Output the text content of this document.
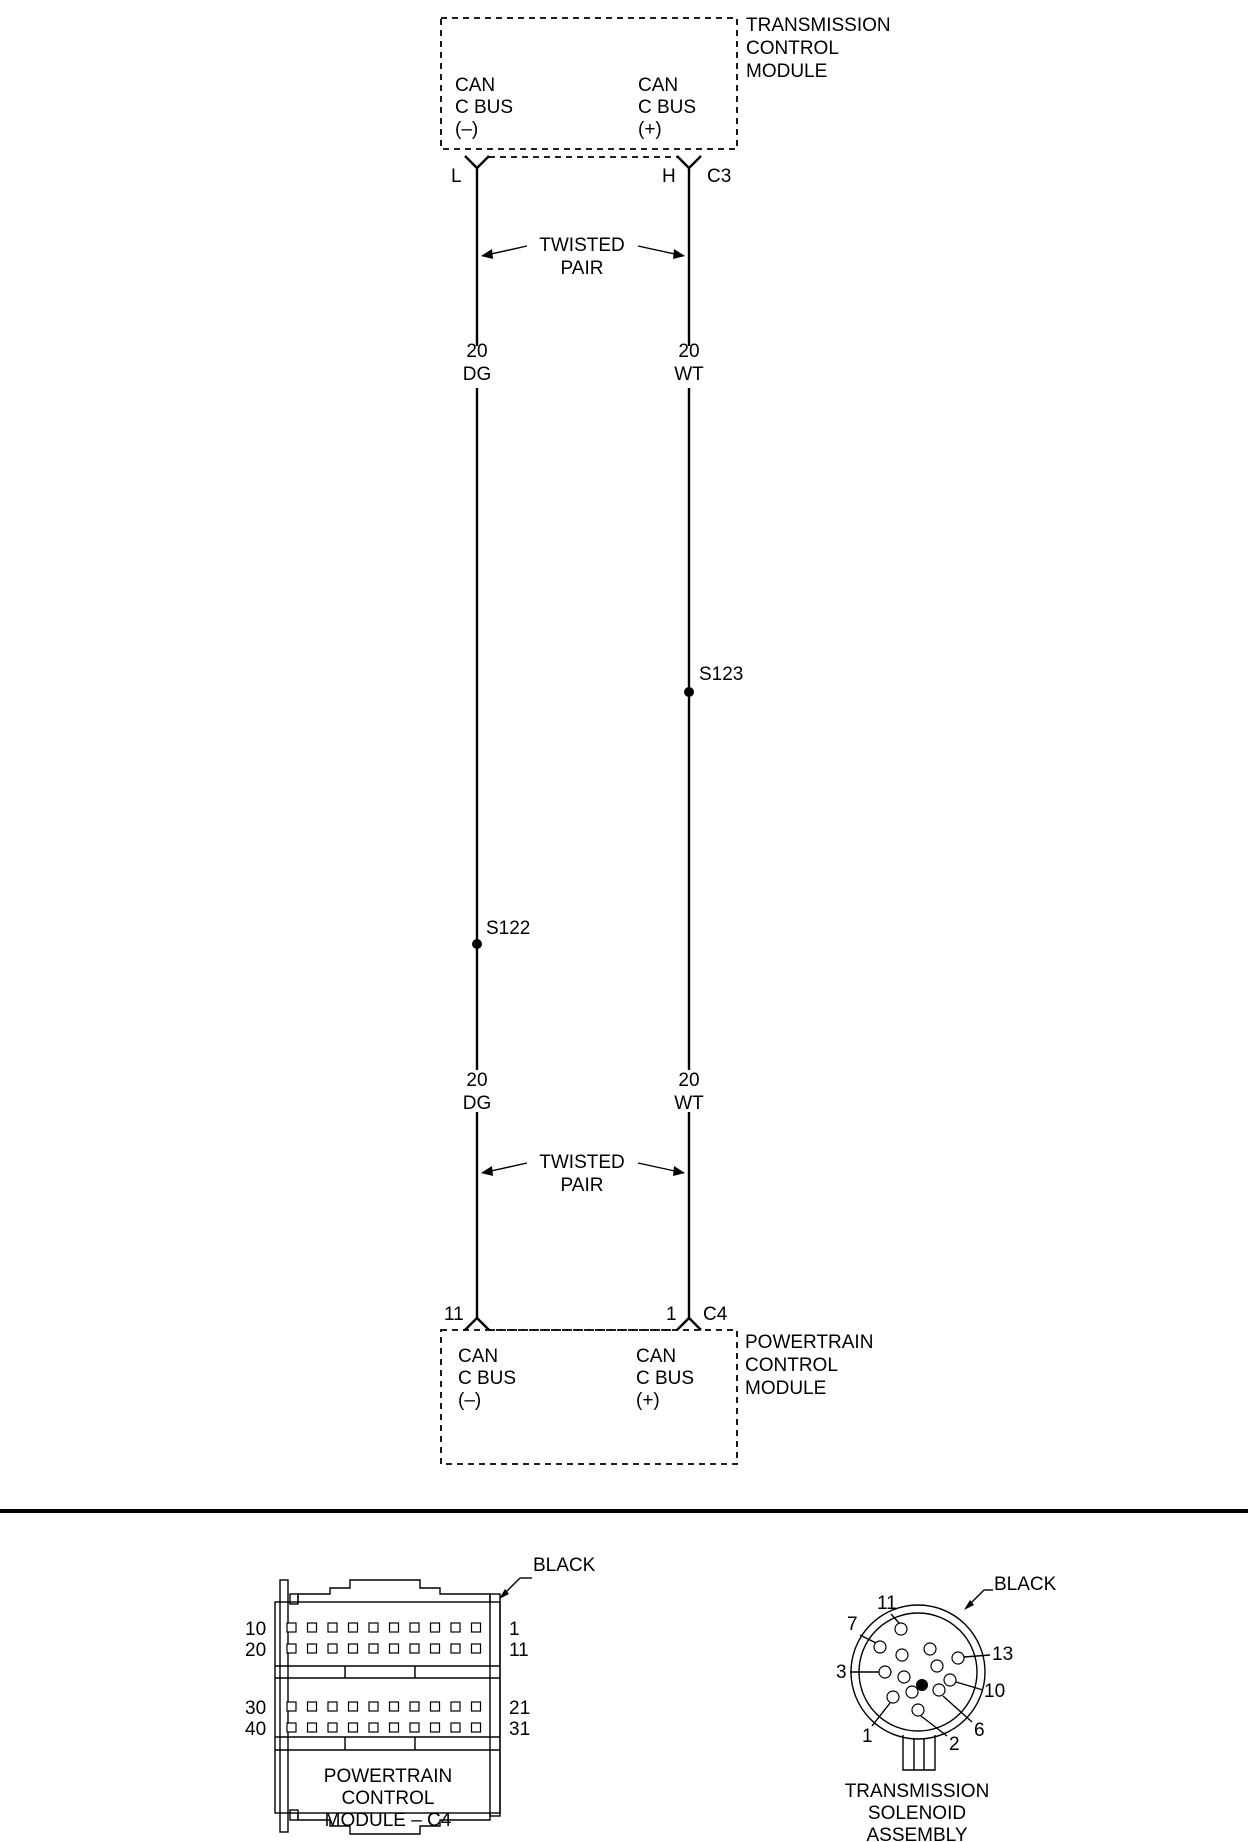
TRANSMISSION
CONTROL
MODULE
CAN
C BUS
(–)
CAN
C BUS
(+)
L	H C3
20
DG
20
WT
20
DG
20
WT
S123
S122
TWISTED
PAIR
TWISTED
PAIR
11	1 C4
POWERTRAIN
CONTROL
MODULE
CAN
C BUS
(–)
CAN
C BUS
(+)
10
20
30
40
1
11
21
31
BLACK
POWERTRAIN
CONTROL
MODULE – C4
11
7
3
1	2
6
10
13
BLACK
TRANSMISSION
SOLENOID
ASSEMBLY
